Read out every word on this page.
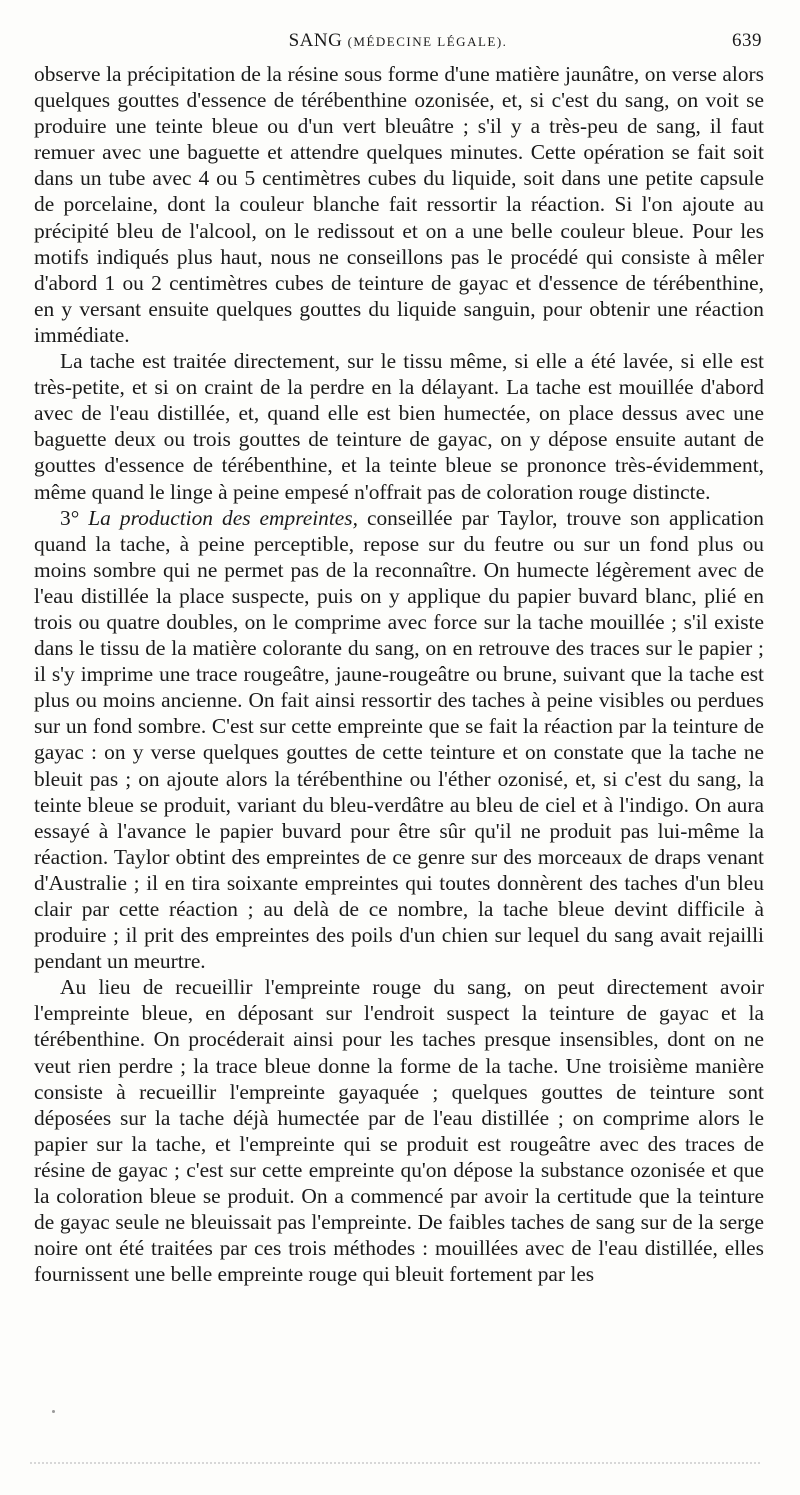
SANG (MÉDECINE LÉGALE).	639

observe la précipitation de la résine sous forme d'une matière jaunâtre, on verse alors quelques gouttes d'essence de térébenthine ozonisée, et, si c'est du sang, on voit se produire une teinte bleue ou d'un vert bleuâtre ; s'il y a très-peu de sang, il faut remuer avec une baguette et attendre quelques minutes. Cette opération se fait soit dans un tube avec 4 ou 5 centimètres cubes du liquide, soit dans une petite capsule de porcelaine, dont la couleur blanche fait ressortir la réaction. Si l'on ajoute au précipité bleu de l'alcool, on le redissout et on a une belle couleur bleue. Pour les motifs indiqués plus haut, nous ne conseillons pas le procédé qui consiste à mêler d'abord 1 ou 2 centimètres cubes de teinture de gayac et d'essence de térébenthine, en y versant ensuite quelques gouttes du liquide sanguin, pour obtenir une réaction immédiate.

La tache est traitée directement, sur le tissu même, si elle a été lavée, si elle est très-petite, et si on craint de la perdre en la délayant. La tache est mouillée d'abord avec de l'eau distillée, et, quand elle est bien humectée, on place dessus avec une baguette deux ou trois gouttes de teinture de gayac, on y dépose ensuite autant de gouttes d'essence de térébenthine, et la teinte bleue se prononce très-évidemment, même quand le linge à peine empesé n'offrait pas de coloration rouge distincte.

3° La production des empreintes, conseillée par Taylor, trouve son application quand la tache, à peine perceptible, repose sur du feutre ou sur un fond plus ou moins sombre qui ne permet pas de la reconnaître. On humecte légèrement avec de l'eau distillée la place suspecte, puis on y applique du papier buvard blanc, plié en trois ou quatre doubles, on le comprime avec force sur la tache mouillée ; s'il existe dans le tissu de la matière colorante du sang, on en retrouve des traces sur le papier ; il s'y imprime une trace rougeâtre, jaune-rougeâtre ou brune, suivant que la tache est plus ou moins ancienne. On fait ainsi ressortir des taches à peine visibles ou perdues sur un fond sombre. C'est sur cette empreinte que se fait la réaction par la teinture de gayac : on y verse quelques gouttes de cette teinture et on constate que la tache ne bleuit pas ; on ajoute alors la térébenthine ou l'éther ozonisé, et, si c'est du sang, la teinte bleue se produit, variant du bleu-verdâtre au bleu de ciel et à l'indigo. On aura essayé à l'avance le papier buvard pour être sûr qu'il ne produit pas lui-même la réaction. Taylor obtint des empreintes de ce genre sur des morceaux de draps venant d'Australie ; il en tira soixante empreintes qui toutes donnèrent des taches d'un bleu clair par cette réaction ; au delà de ce nombre, la tache bleue devint difficile à produire ; il prit des empreintes des poils d'un chien sur lequel du sang avait rejailli pendant un meurtre.

Au lieu de recueillir l'empreinte rouge du sang, on peut directement avoir l'empreinte bleue, en déposant sur l'endroit suspect la teinture de gayac et la térébenthine. On procéderait ainsi pour les taches presque insensibles, dont on ne veut rien perdre ; la trace bleue donne la forme de la tache. Une troisième manière consiste à recueillir l'empreinte gayaquée ; quelques gouttes de teinture sont déposées sur la tache déjà humectée par de l'eau distillée ; on comprime alors le papier sur la tache, et l'empreinte qui se produit est rougeâtre avec des traces de résine de gayac ; c'est sur cette empreinte qu'on dépose la substance ozonisée et que la coloration bleue se produit. On a commencé par avoir la certitude que la teinture de gayac seule ne bleuissait pas l'empreinte. De faibles taches de sang sur de la serge noire ont été traitées par ces trois méthodes : mouillées avec de l'eau distillée, elles fournissent une belle empreinte rouge qui bleuit fortement par les
